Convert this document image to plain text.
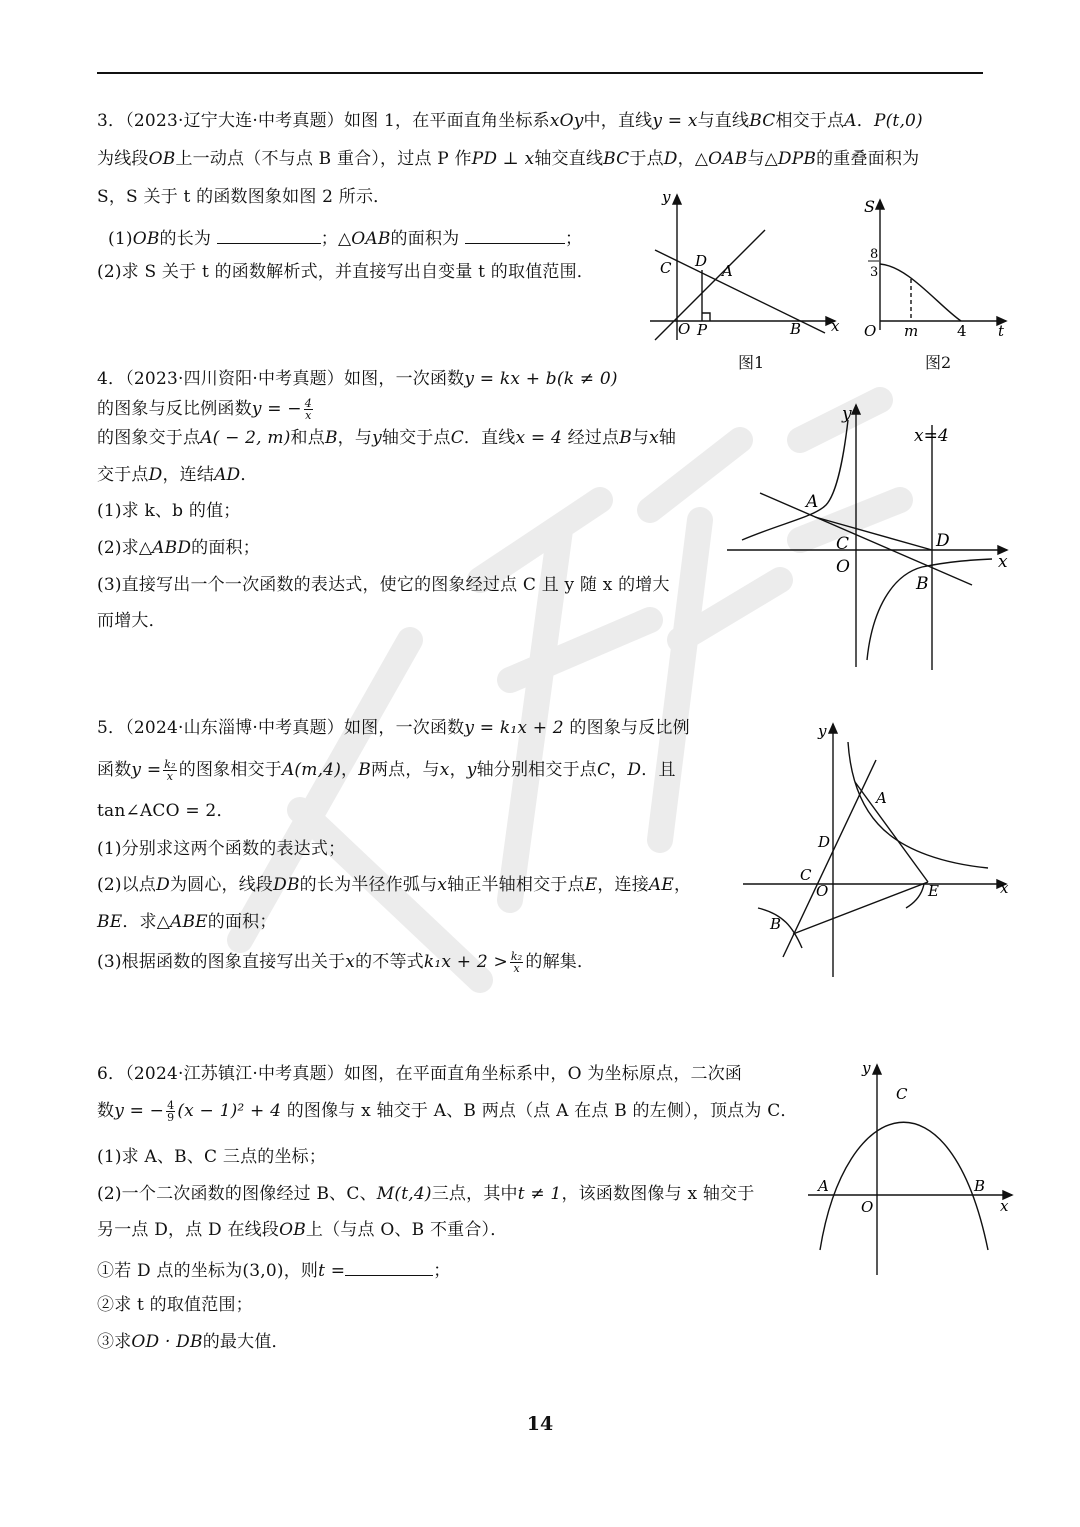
3．（2023·辽宁大连·中考真题）如图 1，在平面直角坐标系xOy中，直线y = x与直线BC相交于点A．P(t,0)
为线段OB上一动点（不与点 B 重合），过点 P 作PD ⊥ x轴交直线BC于点D，△OAB与△DPB的重叠面积为
S，S 关于 t 的函数图象如图 2 所示．
(1)OB的长为	；△OAB的面积为	；
(2)求 S 关于 t 的函数解析式，并直接写出自变量 t 的取值范围．
y
x
C D
A
O P	B
图1
S
8
3
O m	4 t
图2
4．（2023·四川资阳·中考真题）如图，一次函数y = kx + b(k ≠ 0)
的图象与反比例函数y = − $\frac{4}{x}$
的图象交于点A( − 2, m)和点B，与y轴交于点C．直线x = 4 经过点B与x轴
交于点D，连结AD．
(1)求 k、b 的值；
(2)求△ABD的面积；
(3)直接写出一个一次函数的表达式，使它的图象经过点 C 且 y 随 x 的增大
而增大．
y
x=4
A
C	D
x
O
B
5．（2024·山东淄博·中考真题）如图，一次函数y = k₁x + 2 的图象与反比例
函数$y = \frac{\text{k₂}}{x}$ 的图象相交于A(m,4)，B两点，与x，y轴分别相交于点C，D．且
tan∠ACO = 2．
(1)分别求这两个函数的表达式；
(2)以点D为圆心，线段DB的长为半径作弧与x轴正半轴相交于点E，连接AE，
BE．求△ABE的面积；
(3)根据函数的图象直接写出关于x的不等式$k_1x + 2 > \frac{\text{k₂}}{x}$ 的解集．
y
A
D
C
O	E	x
B
6．（2024·江苏镇江·中考真题）如图，在平面直角坐标系中，O 为坐标原点，二次函
数y = − $\frac{4}{9} (x - 1)^2 + 4$ 的图像与 x 轴交于 A、B 两点（点 A 在点 B 的左侧），顶点为 C．
(1)求 A、B、C 三点的坐标；
(2)一个二次函数的图像经过 B、C、M(t,4)三点，其中t ≠ 1，该函数图像与 x 轴交于
另一点 D，点 D 在线段OB上（与点 O、B 不重合）．
①若 D 点的坐标为(3,0)，则t =	；
②求 t 的取值范围；
③求OD · DB的最大值．
y
C
A	B
O	x
14
